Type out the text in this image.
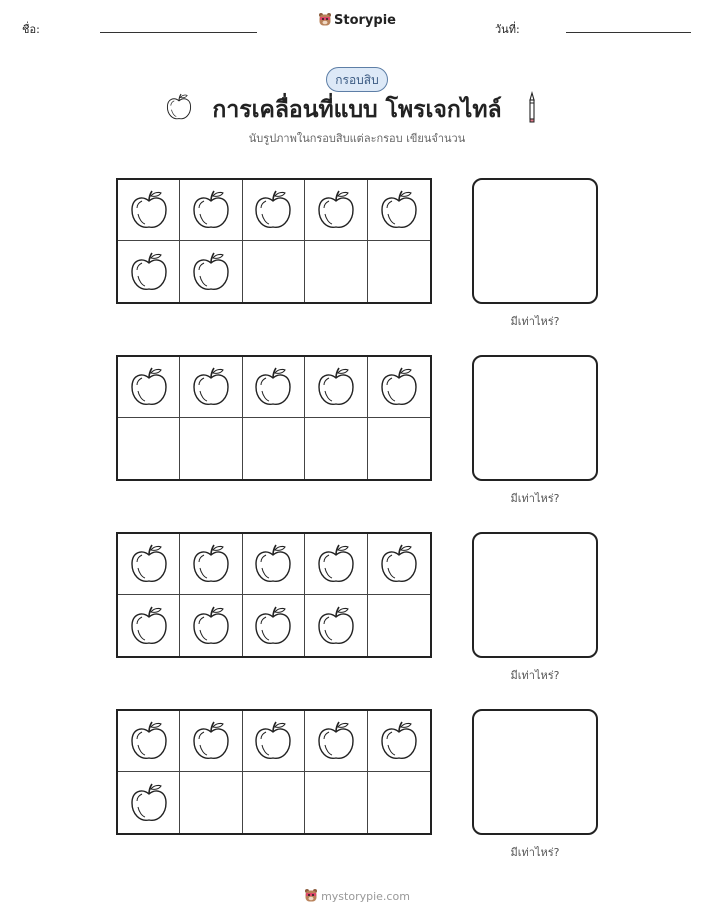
ชื่อ:
Storypie
วันที่:
กรอบสิบ
การเคลื่อนที่แบบ โพรเจกไทล์
นับรูปภาพในกรอบสิบแต่ละกรอบ เขียนจำนวน
มีเท่าไหร่?
มีเท่าไหร่?
มีเท่าไหร่?
มีเท่าไหร่?
mystorypie.com
